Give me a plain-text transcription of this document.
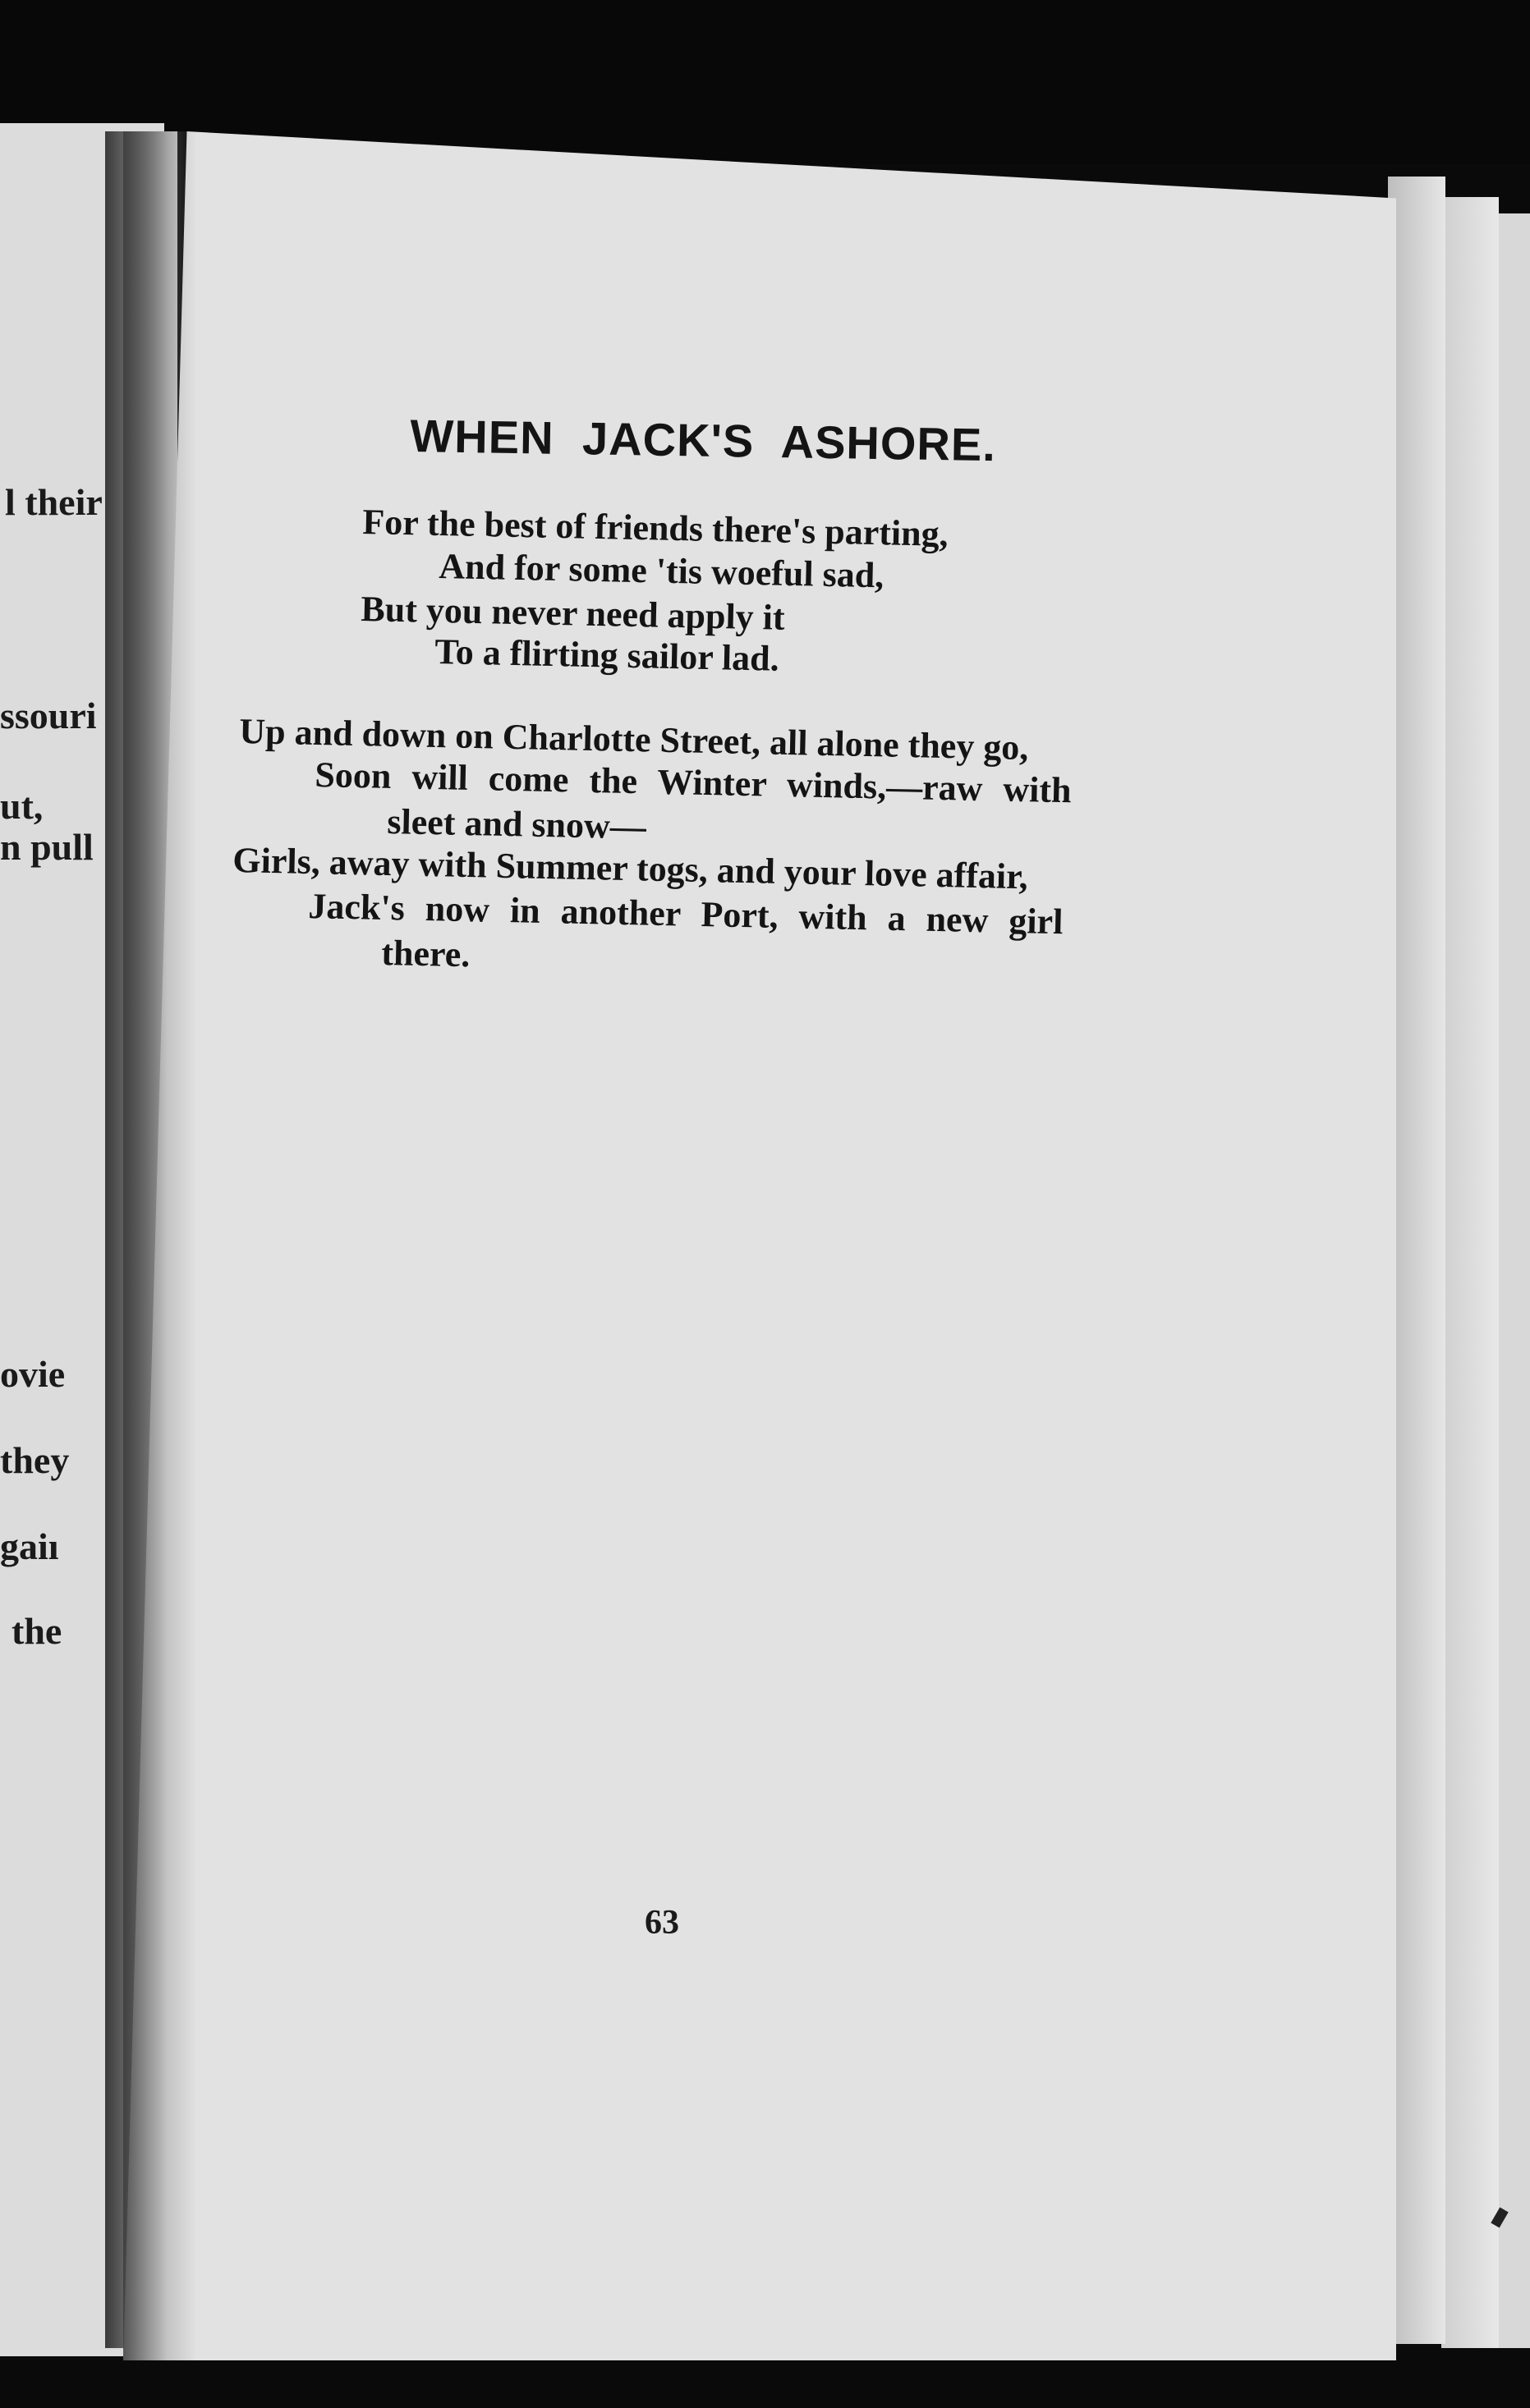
l their
ssouri
ut,
n pull
ovie
they
gaiı
the
WHEN JACK'S ASHORE.
For the best of friends there's parting,
And for some 'tis woeful sad,
But you never need apply it
To a flirting sailor lad.
Up and down on Charlotte Street, all alone they go,
Soon will come the Winter winds,—raw with
sleet and snow—
Girls, away with Summer togs, and your love affair,
Jack's now in another Port, with a new girl
there.
63
